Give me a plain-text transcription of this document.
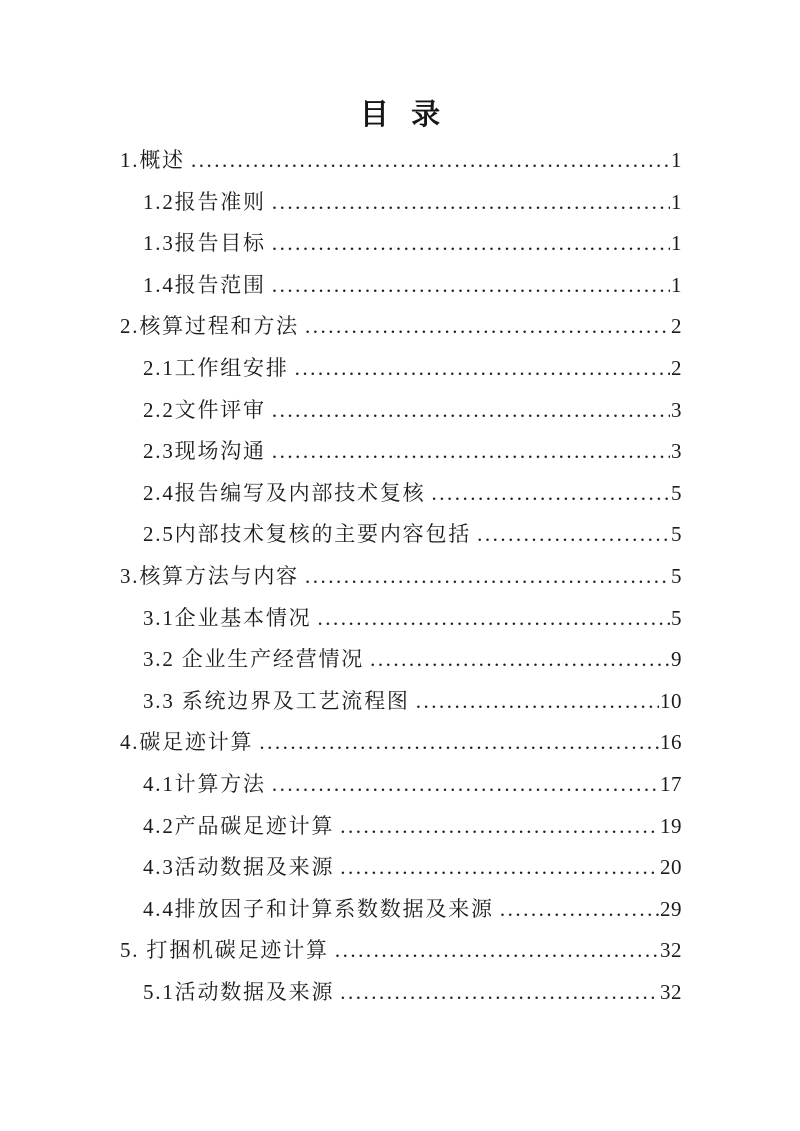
目 录
1.概述 .....	1
1.2报告准则 .....	1
1.3报告目标 .....	1
1.4报告范围 .....	1
2.核算过程和方法 .....	2
2.1工作组安排 .....	2
2.2文件评审 .....	3
2.3现场沟通 .....	3
2.4报告编写及内部技术复核 .....	5
2.5内部技术复核的主要内容包括 .....	5
3.核算方法与内容 .....	5
3.1企业基本情况 .....	5
3.2 企业生产经营情况 .....	9
3.3 系统边界及工艺流程图 .....	10
4.碳足迹计算 .....	16
4.1计算方法 .....	17
4.2产品碳足迹计算 .....	19
4.3活动数据及来源 .....	20
4.4排放因子和计算系数数据及来源 .....	29
5. 打捆机碳足迹计算 .....	32
5.1活动数据及来源 .....	32
